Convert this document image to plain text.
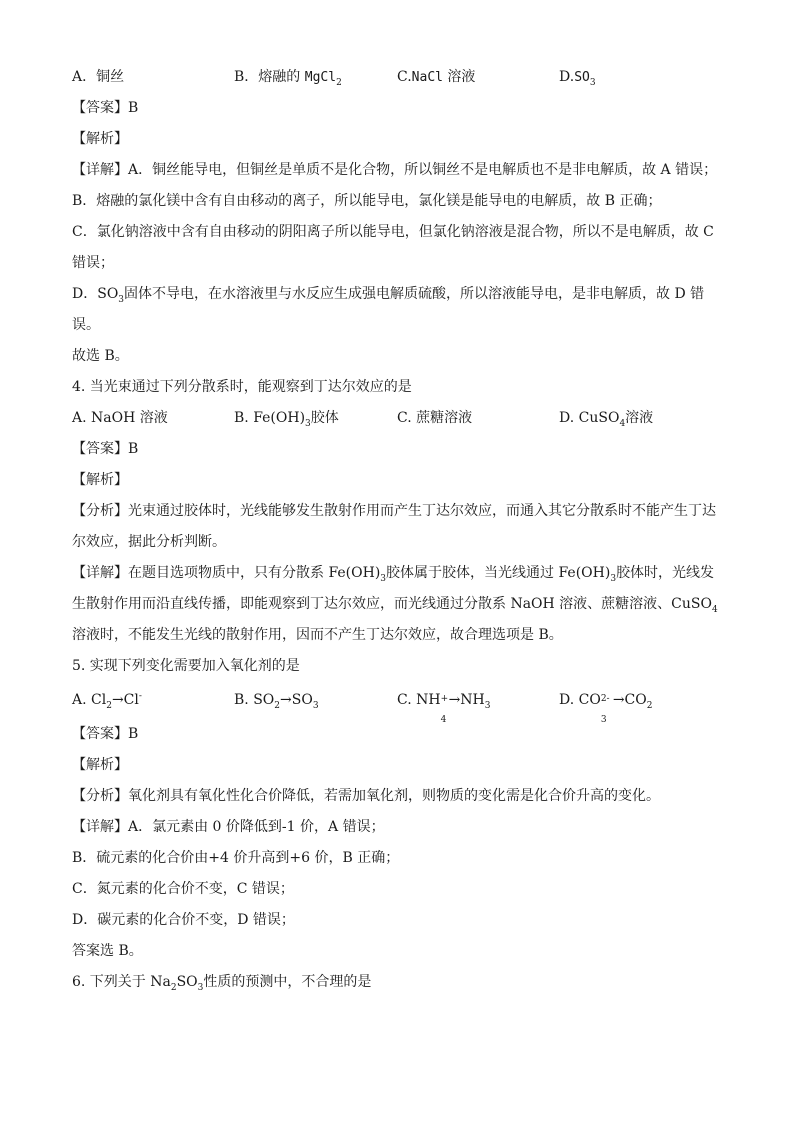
A．铜丝	B．熔融的 MgCl$_2$	C.NaCl 溶液	$D.SO_3$
【答案】B
【解析】
【详解】A．铜丝能导电，但铜丝是单质不是化合物，所以铜丝不是电解质也不是非电解质，故 A 错误；
B．熔融的氯化镁中含有自由移动的离子，所以能导电，氯化镁是能导电的电解质，故 B 正确；
C．氯化钠溶液中含有自由移动的阴阳离子所以能导电，但氯化钠溶液是混合物，所以不是电解质，故 C 错误；
D．$SO_3$固体不导电，在水溶液里与水反应生成强电解质硫酸，所以溶液能导电，是非电解质，故 D 错误。
故选 B。
4. 当光束通过下列分散系时，能观察到丁达尔效应的是
A. NaOH 溶液	B. $Fe(OH)_3$胶体	C. 蔗糖溶液	D. CuSO$_4$溶液
【答案】B
【解析】
【分析】光束通过胶体时，光线能够发生散射作用而产生丁达尔效应，而通入其它分散系时不能产生丁达尔效应，据此分析判断。
【详解】在题目选项物质中，只有分散系 $Fe(OH)_3$胶体属于胶体，当光线通过 $Fe(OH)_3$胶体时，光线发生散射作用而沿直线传播，即能观察到丁达尔效应，而光线通过分散系 NaOH 溶液、蔗糖溶液、CuSO$_4$溶液时，不能发生光线的散射作用，因而不产生丁达尔效应，故合理选项是 B。
5. 实现下列变化需要加入氧化剂的是
A. $Cl_2\to Cl^-$	B. $SO_2\to SO_3$	C. NH +
4
$\to NH_3$	D. CO 2-
3
$\to CO_2$
【答案】B
【解析】
【分析】氧化剂具有氧化性化合价降低，若需加氧化剂，则物质的变化需是化合价升高的变化。
【详解】A．氯元素由 0 价降低到-1 价，A 错误；
B．硫元素的化合价由+4 价升高到+6 价，B 正确；
C．氮元素的化合价不变，C 错误；
D．碳元素的化合价不变，D 错误；
答案选 B。
6. 下列关于 $Na_2SO_3$性质的预测中，不合理的是
